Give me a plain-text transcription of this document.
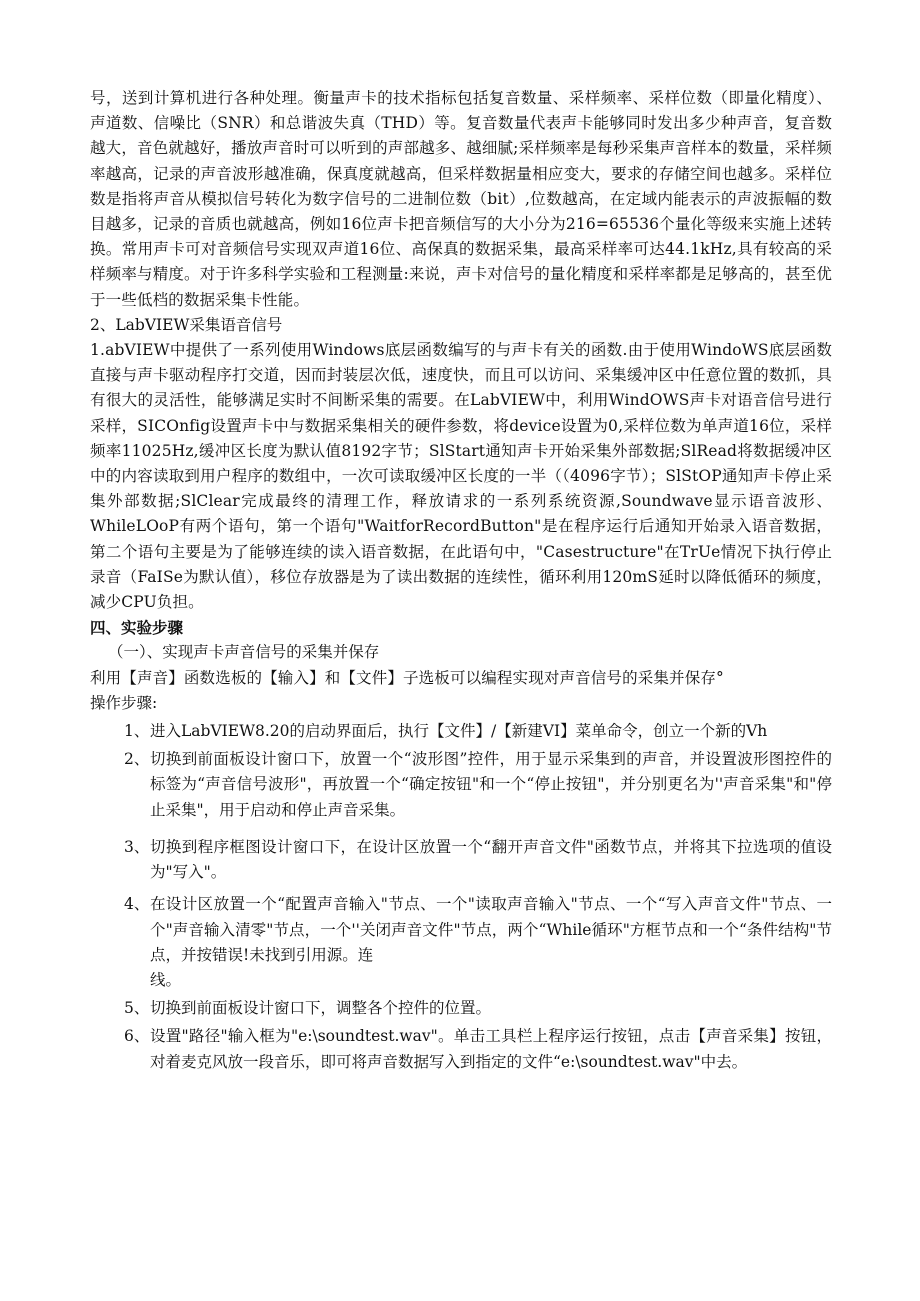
号，送到计算机进行各种处理。衡量声卡的技术指标包括复音数量、采样频率、采样位数（即量化精度）、声道数、信噪比（SNR）和总谐波失真（THD）等。复音数量代表声卡能够同时发出多少种声音，复音数越大，音色就越好，播放声音时可以听到的声部越多、越细腻;采样频率是每秒采集声音样本的数量，采样频率越高，记录的声音波形越准确，保真度就越高，但采样数据量相应变大，要求的存储空间也越多。采样位数是指将声音从模拟信号转化为数字信号的二进制位数（bit）,位数越高，在定域内能表示的声波振幅的数目越多，记录的音质也就越高，例如16位声卡把音频信写的大小分为216=65536个量化等级来实施上述转换。常用声卡可对音频信号实现双声道16位、高保真的数据采集，最高采样率可达44.1kHz,具有较高的采样频率与精度。对于许多科学实验和工程测量:来说，声卡对信号的量化精度和采样率都是足够高的，甚至优于一些低档的数据采集卡性能。

2、LabVIEW采集语音信号

1.abVIEW中提供了一系列使用Windows底层函数编写的与声卡有关的函数.由于使用WindoWS底层函数直接与声卡驱动程序打交道，因而封装层次低，速度快，而且可以访问、采集缓冲区中任意位置的数抓，具有很大的灵活性，能够满足实时不间断采集的需要。在LabVIEW中，利用WindOWS声卡对语音信号进行采样，SICOnfig设置声卡中与数据采集相关的硬件参数，将device设置为0,采样位数为单声道16位，采样频率11025Hz,缓冲区长度为默认值8192字节；SlStart通知声卡开始采集外部数据;SlRead将数据缓冲区中的内容读取到用户程序的数组中，一次可读取缓冲区长度的一半（（4096字节）；SlStOP通知声卡停止采集外部数据;SlClear完成最终的清理工作，释放请求的一系列系统资源,Soundwave显示语音波形、WhileLOoP有两个语句，第一个语句"WaitforRecordButton"是在程序运行后通知开始录入语音数据，第二个语句主要是为了能够连续的读入语音数据，在此语句中，"Casestructure"在TrUe情况下执行停止录音（FaISe为默认值），移位存放器是为了读出数据的连续性，循环利用120mS延时以降低循环的频度，减少CPU负担。

四、实验步骤

（一）、实现声卡声音信号的采集并保存

利用【声音】函数选板的【输入】和【文件】子选板可以编程实现对声音信号的采集并保存°

操作步骤:

1、 进入LabVIEW8.20的启动界面后，执行【文件】/【新建VI】菜单命令，创立一个新的Vh
2、 切换到前面板设计窗口下，放置一个“波形图”控件，用于显示采集到的声音，并设置波形图控件的标签为“声音信号波形"，再放置一个“确定按钮"和一个“停止按钮"，并分别更名为''声音采集"和"停止采集"，用于启动和停止声音采集。
3、 切换到程序框图设计窗口下，在设计区放置一个“翻开声音文件"函数节点，并将其下拉选项的值设为"写入"。
4、 在设计区放置一个“配置声音输入"节点、一个"读取声音输入"节点、一个“写入声音文件"节点、一个"声音输入清零"节点，一个''关闭声音文件"节点，两个“While循环"方框节点和一个“条件结构"节点，并按错误!未找到引用源。连
线。
5、 切换到前面板设计窗口下，调整各个控件的位置。
6、 设置"路径"输入框为"e:\soundtest.wav"。单击工具栏上程序运行按钮，点击【声音采集】按钮，对着麦克风放一段音乐，即可将声音数据写入到指定的文件“e:\soundtest.wav"中去。
